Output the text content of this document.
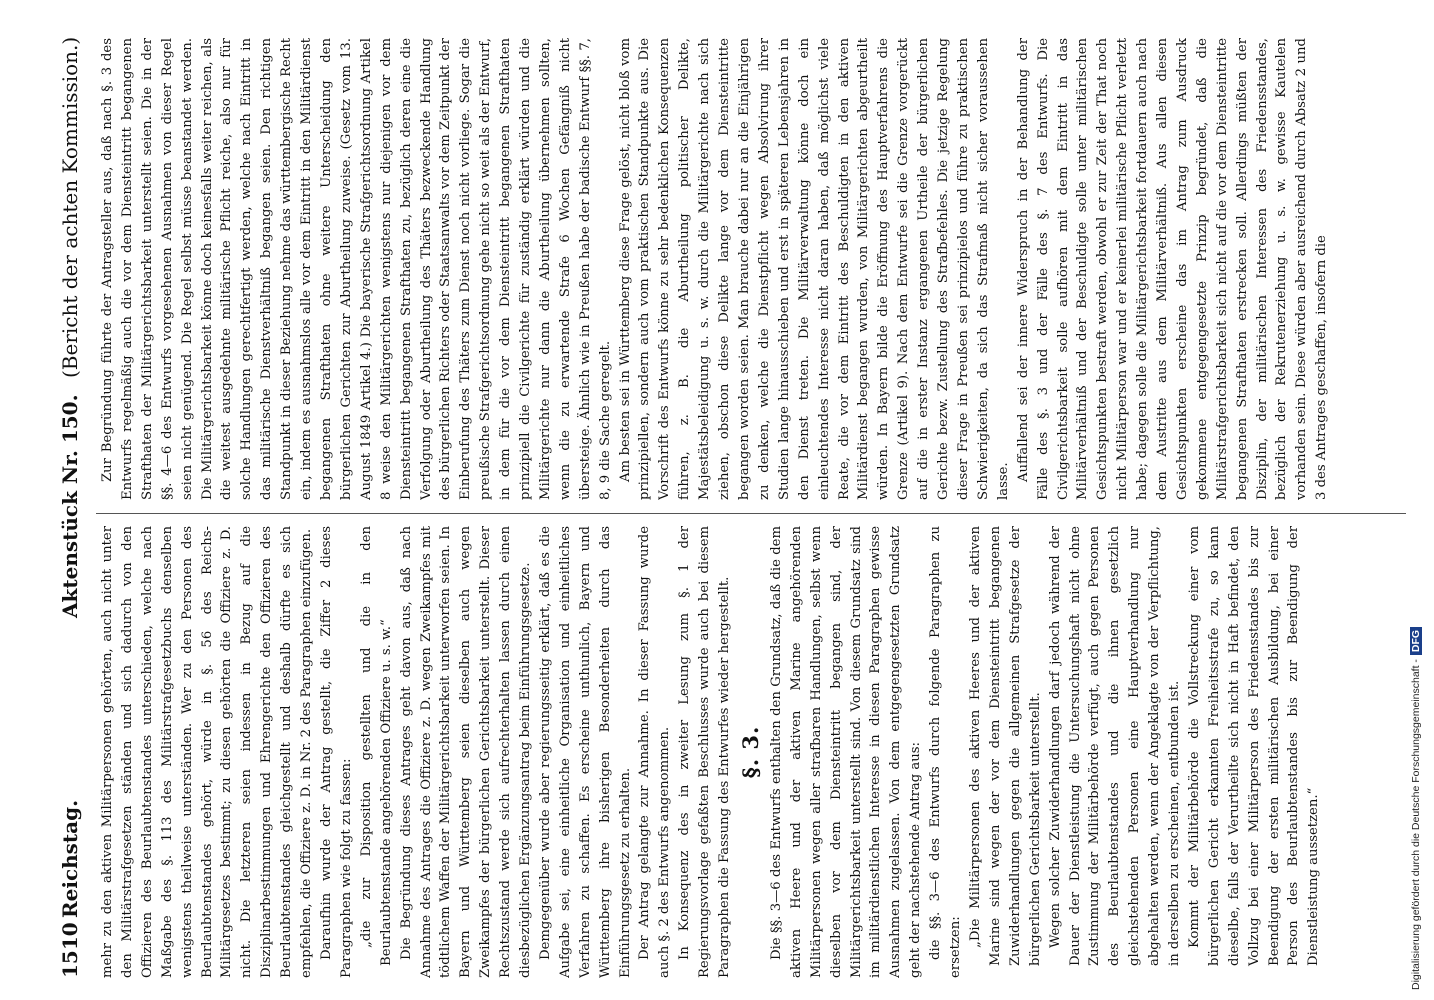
1510
Reichstag.
Aktenstück Nr. 150.
(Bericht der achten Kommission.)

mehr zu den aktiven Militärpersonen gehörten, auch nicht unter den Militärstrafgesetzen ständen und sich dadurch von den Offizieren des Beurlaubtenstandes unterschieden, welche nach Maßgabe des §. 113 des Militärstrafgesetzbuchs denselben wenigstens theilweise unterständen. Wer zu den Personen des Beurlaubtenstandes gehört, würde in §. 56 des Reichs-Militärgesetzes bestimmt; zu diesen gehörten die Offiziere z. D. nicht. Die letzteren seien indessen in Bezug auf die Disziplinarbestimmungen und Ehrengerichte den Offizieren des Beurlaubtenstandes gleichgestellt und deshalb dürfte es sich empfehlen, die Offiziere z. D. in Nr. 2 des Paragraphen einzufügen. Daraufhin wurde der Antrag gestellt, die Ziffer 2 dieses Paragraphen wie folgt zu fassen: „die zur Disposition gestellten und die in den Beurlaubtenstande angehörenden Offiziere u. s. w.“ Die Begründung dieses Antrages geht davon aus, daß nach Annahme des Antrages die Offiziere z. D. wegen Zweikampfes mit tödtlichem Waffen der Militärgerichtsbarkeit unterworfen seien. In Bayern und Württemberg seien dieselben auch wegen Zweikampfes der bürgerlichen Gerichtsbarkeit unterstellt. Dieser Rechtszustand werde sich aufrechterhalten lassen durch einen diesbezüglichen Ergänzungsantrag beim Einführungsgesetze. Demgegenüber wurde aber regierungsseitig erklärt, daß es die Aufgabe sei, eine einheitliche Organisation und einheitliches Verfahren zu schaffen. Es erscheine unthunlich, Bayern und Württemberg ihre bisherigen Besonderheiten durch das Einführungsgesetz zu erhalten. Der Antrag gelangte zur Annahme. In dieser Fassung wurde auch §. 2 des Entwurfs angenommen. In Konsequenz des in zweiter Lesung zum §. 1 der Regierungsvorlage gefaßten Beschlusses wurde auch bei diesem Paragraphen die Fassung des Entwurfes wieder hergestellt. §. 3. Die §§. 3—6 des Entwurfs enthalten den Grundsatz, daß die dem aktiven Heere und der aktiven Marine angehörenden Militärpersonen wegen aller strafbaren Handlungen, selbst wenn dieselben vor dem Diensteintritt begangen sind, der Militärgerichtsbarkeit unterstellt sind. Von diesem Grundsatz sind im militärdienstlichen Interesse in diesen Paragraphen gewisse Ausnahmen zugelassen. Von dem entgegengesetzten Grundsatz geht der nachstehende Antrag aus: die §§. 3—6 des Entwurfs durch folgende Paragraphen zu ersetzen: „Die Militärpersonen des aktiven Heeres und der aktiven Marine sind wegen der vor dem Diensteintritt begangenen Zuwiderhandlungen gegen die allgemeinen Strafgesetze der bürgerlichen Gerichtsbarkeit unterstellt. Wegen solcher Zuwiderhandlungen darf jedoch während der Dauer der Dienstleistung die Untersuchungshaft nicht ohne Zustimmung der Militärbehörde verfügt, auch gegen Personen des Beurlaubtenstandes und die ihnen gesetzlich gleichstehenden Personen eine Hauptverhandlung nur abgehalten werden, wenn der Angeklagte von der Verpflichtung, in derselben zu erscheinen, entbunden ist. Kommt der Militärbehörde die Vollstreckung einer vom bürgerlichen Gericht erkannten Freiheitsstrafe zu, so kann dieselbe, falls der Verurtheilte sich nicht in Haft befindet, den Vollzug bei einer Militärperson des Friedensstandes bis zur Beendigung der ersten militärischen Ausbildung, bei einer Person des Beurlaubtenstandes bis zur Beendigung der Dienstleistung aussetzen.“

Zur Begründung führte der Antragsteller aus, daß nach §. 3 des Entwurfs regelmäßig auch die vor dem Diensteintritt begangenen Strafthaten der Militärgerichtsbarkeit unterstellt seien. Die in der §§. 4—6 des Entwurfs vorgesehenen Ausnahmen von dieser Regel seien nicht genügend. Die Regel selbst müsse beanstandet werden. Die Militärgerichtsbarkeit könne doch keinesfalls weiter reichen, als die weitest ausgedehnte militärische Pflicht reiche, also nur für solche Handlungen gerechtfertigt werden, welche nach Eintritt in das militärische Dienstverhältniß begangen seien. Den richtigen Standpunkt in dieser Beziehung nehme das württembergische Recht ein, indem es ausnahmslos alle vor dem Eintritt in den Militärdienst begangenen Strafthaten ohne weitere Unterscheidung den bürgerlichen Gerichten zur Aburtheilung zuweise. (Gesetz vom 13. August 1849 Artikel 4.) Die bayerische Strafgerichtsordnung Artikel 8 weise den Militärgerichten wenigstens nur diejenigen vor dem Diensteintritt begangenen Strafthaten zu, bezüglich deren eine die Verfolgung oder Aburtheilung des Thäters bezweckende Handlung des bürgerlichen Richters oder Staatsanwalts vor dem Zeitpunkt der Einberufung des Thäters zum Dienst noch nicht vorliege. Sogar die preußische Strafgerichtsordnung gehe nicht so weit als der Entwurf, in dem für die vor dem Diensteintritt begangenen Strafthaten prinzipiell die Civilgerichte für zuständig erklärt würden und die Militärgerichte nur dann die Aburtheilung übernehmen sollten, wenn die zu erwartende Strafe 6 Wochen Gefängniß nicht übersteige. Ähnlich wie in Preußen habe der badische Entwurf §§. 7, 8, 9 die Sache geregelt. Am besten sei in Württemberg diese Frage gelöst, nicht bloß vom prinzipiellen, sondern auch vom praktischen Standpunkte aus. Die Vorschrift des Entwurfs könne zu sehr bedenklichen Konsequenzen führen, z. B. die Aburtheilung politischer Delikte, Majestätsbeleidigung u. s. w. durch die Militärgerichte nach sich ziehen, obschon diese Delikte lange vor dem Diensteintritte begangen worden seien. Man brauche dabei nur an die Einjährigen zu denken, welche die Dienstpflicht wegen Absolvirung ihrer Studien lange hinausschieben und erst in späteren Lebensjahren in den Dienst treten. Die Militärverwaltung könne doch ein einleuchtendes Interesse nicht daran haben, daß möglichst viele Reate, die vor dem Eintritt des Beschuldigten in den aktiven Militärdienst begangen wurden, von Militärgerichten abgeurtheilt würden. In Bayern bilde die Eröffnung des Hauptverfahrens die Grenze (Artikel 9). Nach dem Entwurfe sei die Grenze vorgerückt auf die in erster Instanz ergangenen Urtheile der bürgerlichen Gerichte bezw. Zustellung des Strafbefehles. Die jetzige Regelung dieser Frage in Preußen sei prinzipielos und führe zu praktischen Schwierigkeiten, da sich das Strafmaß nicht sicher voraussehen lasse. Auffallend sei der innere Widerspruch in der Behandlung der Fälle des §. 3 und der Fälle des §. 7 des Entwurfs. Die Civilgerichtsbarkeit solle aufhören mit dem Eintritt in das Militärverhältniß und der Beschuldigte solle unter militärischen Gesichtspunkten bestraft werden, obwohl er zur Zeit der That noch nicht Militärperson war und er keinerlei militärische Pflicht verletzt habe; dagegen solle die Militärgerichtsbarkeit fortdauern auch nach dem Austritte aus dem Militärverhältniß. Aus allen diesen Gesichtspunkten erscheine das im Antrag zum Ausdruck gekommene entgegengesetzte Prinzip begründet, daß die Militärstrafgerichtsbarkeit sich nicht auf die vor dem Diensteintritte begangenen Strafthaten erstrecken soll. Allerdings müßten der Disziplin, der militärischen Interessen des Friedensstandes, bezüglich der Rekrutenerziehung u. s. w. gewisse Kautelen vorhanden sein. Diese würden aber ausreichend durch Absatz 2 und 3 des Antrages geschaffen, insofern die

Digitalisierung gefördert durch die Deutsche Forschungsgemeinschaft -DFG
